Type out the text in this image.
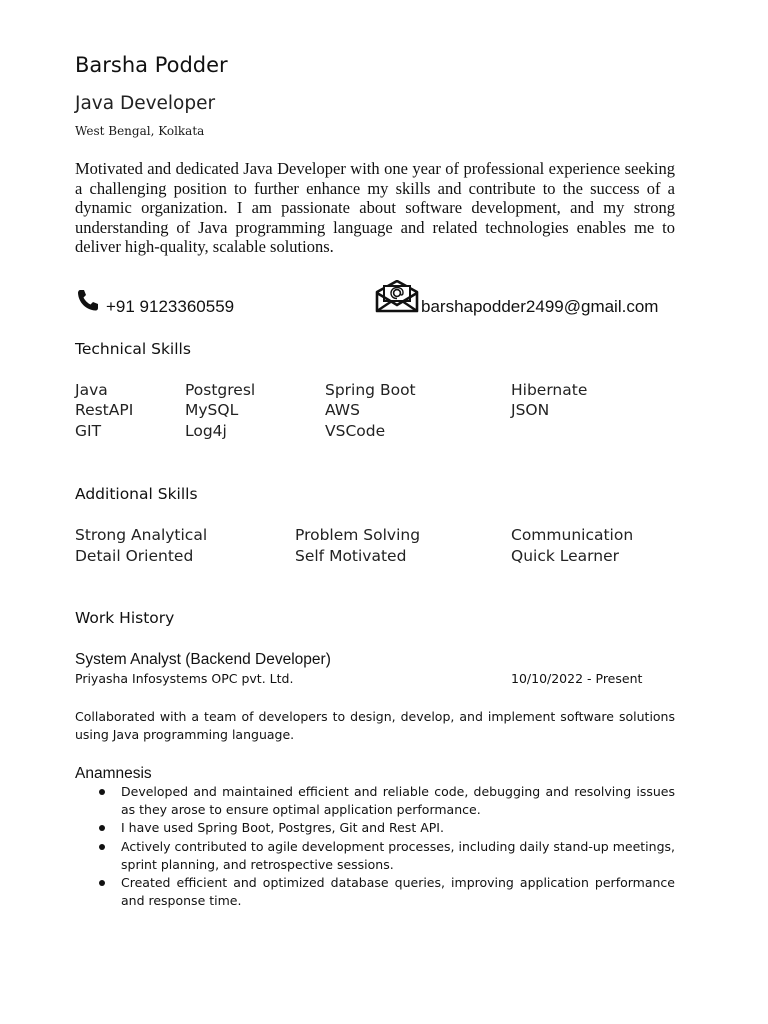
Barsha Podder
Java Developer
West Bengal, Kolkata
Motivated and dedicated Java Developer with one year of professional experience seeking a challenging position to further enhance my skills and contribute to the success of a dynamic organization. I am passionate about software development, and my strong understanding of Java programming language and related technologies enables me to deliver high-quality, scalable solutions.
+91 9123360559	barshapodder2499@gmail.com
Technical Skills
Java	Postgresl	Spring Boot	Hibernate
RestAPI	MySQL	AWS	JSON
GIT	Log4j	VSCode
Additional Skills
Strong Analytical	Problem Solving	Communication
Detail Oriented	Self Motivated	Quick Learner
Work History
System Analyst (Backend Developer)
Priyasha Infosystems OPC pvt. Ltd.	10/10/2022 - Present
Collaborated with a team of developers to design, develop, and implement software solutions using Java programming language.
Anamnesis
Developed and maintained efficient and reliable code, debugging and resolving issues as they arose to ensure optimal application performance.
I have used Spring Boot, Postgres, Git and Rest API.
Actively contributed to agile development processes, including daily stand-up meetings, sprint planning, and retrospective sessions.
Created efficient and optimized database queries, improving application performance and response time.
